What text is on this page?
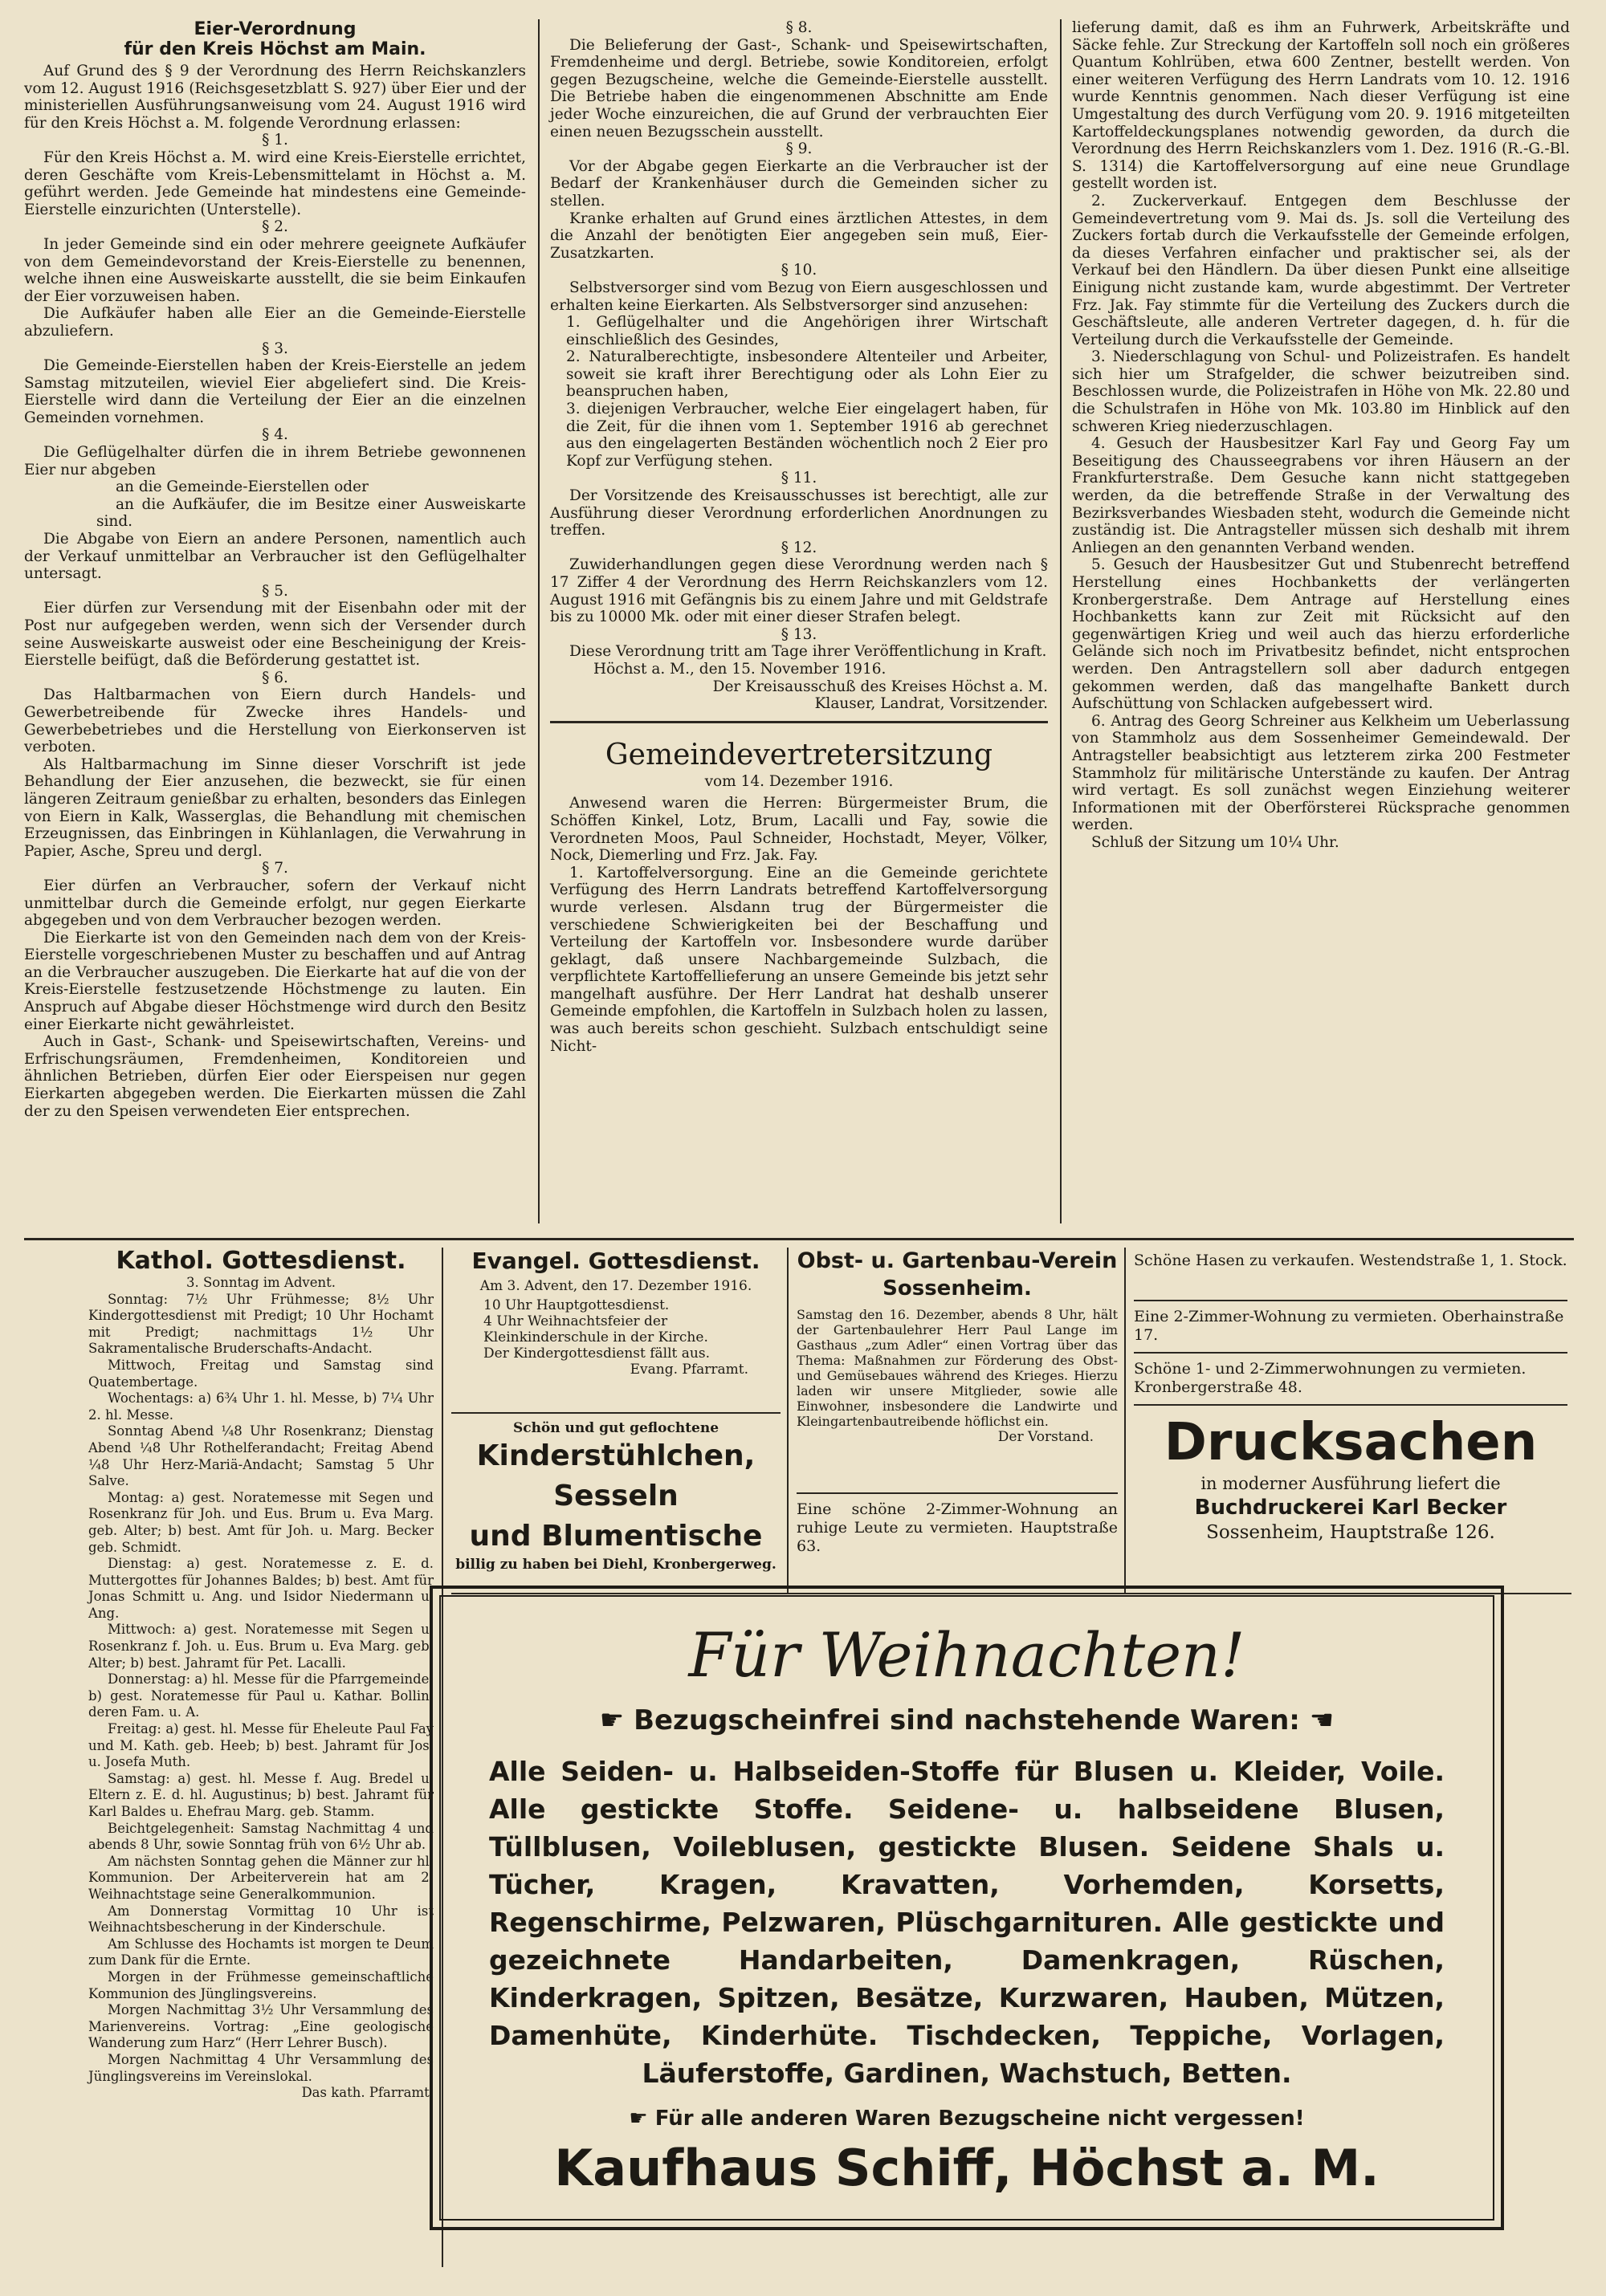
Eier-Verordnung
für den Kreis Höchst am Main.

Auf Grund des § 9 der Verordnung des Herrn Reichskanzlers vom 12. August 1916 (Reichsgesetzblatt S. 927) über Eier und der ministeriellen Ausführungsanweisung vom 24. August 1916 wird für den Kreis Höchst a. M. folgende Verordnung erlassen:

§ 1.

Für den Kreis Höchst a. M. wird eine Kreis-Eierstelle errichtet, deren Geschäfte vom Kreis-Lebensmittelamt in Höchst a. M. geführt werden. Jede Gemeinde hat mindestens eine Gemeinde-Eierstelle einzurichten (Unterstelle).

§ 2.

In jeder Gemeinde sind ein oder mehrere geeignete Aufkäufer von dem Gemeindevorstand der Kreis-Eierstelle zu benennen, welche ihnen eine Ausweiskarte ausstellt, die sie beim Einkaufen der Eier vorzuweisen haben.

Die Aufkäufer haben alle Eier an die Gemeinde-Eierstelle abzuliefern.

§ 3.

Die Gemeinde-Eierstellen haben der Kreis-Eierstelle an jedem Samstag mitzuteilen, wieviel Eier abgeliefert sind. Die Kreis-Eierstelle wird dann die Verteilung der Eier an die einzelnen Gemeinden vornehmen.

§ 4.

Die Geflügelhalter dürfen die in ihrem Betriebe gewonnenen Eier nur abgeben

an die Gemeinde-Eierstellen oder

an die Aufkäufer, die im Besitze einer Ausweiskarte sind.

Die Abgabe von Eiern an andere Personen, namentlich auch der Verkauf unmittelbar an Verbraucher ist den Geflügelhalter untersagt.

§ 5.

Eier dürfen zur Versendung mit der Eisenbahn oder mit der Post nur aufgegeben werden, wenn sich der Versender durch seine Ausweiskarte ausweist oder eine Bescheinigung der Kreis-Eierstelle beifügt, daß die Beförderung gestattet ist.

§ 6.

Das Haltbarmachen von Eiern durch Handels- und Gewerbetreibende für Zwecke ihres Handels- und Gewerbebetriebes und die Herstellung von Eierkonserven ist verboten.

Als Haltbarmachung im Sinne dieser Vorschrift ist jede Behandlung der Eier anzusehen, die bezweckt, sie für einen längeren Zeitraum genießbar zu erhalten, besonders das Einlegen von Eiern in Kalk, Wasserglas, die Behandlung mit chemischen Erzeugnissen, das Einbringen in Kühlanlagen, die Verwahrung in Papier, Asche, Spreu und dergl.

§ 7.

Eier dürfen an Verbraucher, sofern der Verkauf nicht unmittelbar durch die Gemeinde erfolgt, nur gegen Eierkarte abgegeben und von dem Verbraucher bezogen werden.

Die Eierkarte ist von den Gemeinden nach dem von der Kreis-Eierstelle vorgeschriebenen Muster zu beschaffen und auf Antrag an die Verbraucher auszugeben. Die Eierkarte hat auf die von der Kreis-Eierstelle festzusetzende Höchstmenge zu lauten. Ein Anspruch auf Abgabe dieser Höchstmenge wird durch den Besitz einer Eierkarte nicht gewährleistet.

Auch in Gast-, Schank- und Speisewirtschaften, Vereins- und Erfrischungsräumen, Fremdenheimen, Konditoreien und ähnlichen Betrieben, dürfen Eier oder Eierspeisen nur gegen Eierkarten abgegeben werden. Die Eierkarten müssen die Zahl der zu den Speisen verwendeten Eier entsprechen.

§ 8.

Die Belieferung der Gast-, Schank- und Speisewirtschaften, Fremdenheime und dergl. Betriebe, sowie Konditoreien, erfolgt gegen Bezugscheine, welche die Gemeinde-Eierstelle ausstellt. Die Betriebe haben die eingenommenen Abschnitte am Ende jeder Woche einzureichen, die auf Grund der verbrauchten Eier einen neuen Bezugsschein ausstellt.

§ 9.

Vor der Abgabe gegen Eierkarte an die Verbraucher ist der Bedarf der Krankenhäuser durch die Gemeinden sicher zu stellen.

Kranke erhalten auf Grund eines ärztlichen Attestes, in dem die Anzahl der benötigten Eier angegeben sein muß, Eier-Zusatzkarten.

§ 10.

Selbstversorger sind vom Bezug von Eiern ausgeschlossen und erhalten keine Eierkarten. Als Selbstversorger sind anzusehen:

1. Geflügelhalter und die Angehörigen ihrer Wirtschaft einschließlich des Gesindes,

2. Naturalberechtigte, insbesondere Altenteiler und Arbeiter, soweit sie kraft ihrer Berechtigung oder als Lohn Eier zu beanspruchen haben,

3. diejenigen Verbraucher, welche Eier eingelagert haben, für die Zeit, für die ihnen vom 1. September 1916 ab gerechnet aus den eingelagerten Beständen wöchentlich noch 2 Eier pro Kopf zur Verfügung stehen.

§ 11.

Der Vorsitzende des Kreisausschusses ist berechtigt, alle zur Ausführung dieser Verordnung erforderlichen Anordnungen zu treffen.

§ 12.

Zuwiderhandlungen gegen diese Verordnung werden nach § 17 Ziffer 4 der Verordnung des Herrn Reichskanzlers vom 12. August 1916 mit Gefängnis bis zu einem Jahre und mit Geldstrafe bis zu 10000 Mk. oder mit einer dieser Strafen belegt.

§ 13.

Diese Verordnung tritt am Tage ihrer Veröffentlichung in Kraft.

Höchst a. M., den 15. November 1916.

Der Kreisausschuß des Kreises Höchst a. M.

Klauser, Landrat, Vorsitzender.

Gemeindevertretersitzung

vom 14. Dezember 1916.

Anwesend waren die Herren: Bürgermeister Brum, die Schöffen Kinkel, Lotz, Brum, Lacalli und Fay, sowie die Verordneten Moos, Paul Schneider, Hochstadt, Meyer, Völker, Nock, Diemerling und Frz. Jak. Fay.

1. Kartoffelversorgung. Eine an die Gemeinde gerichtete Verfügung des Herrn Landrats betreffend Kartoffelversorgung wurde verlesen. Alsdann trug der Bürgermeister die verschiedene Schwierigkeiten bei der Beschaffung und Verteilung der Kartoffeln vor. Insbesondere wurde darüber geklagt, daß unsere Nachbargemeinde Sulzbach, die verpflichtete Kartoffellieferung an unsere Gemeinde bis jetzt sehr mangelhaft ausführe. Der Herr Landrat hat deshalb unserer Gemeinde empfohlen, die Kartoffeln in Sulzbach holen zu lassen, was auch bereits schon geschieht. Sulzbach entschuldigt seine Nicht-

lieferung damit, daß es ihm an Fuhrwerk, Arbeitskräfte und Säcke fehle. Zur Streckung der Kartoffeln soll noch ein größeres Quantum Kohlrüben, etwa 600 Zentner, bestellt werden. Von einer weiteren Verfügung des Herrn Landrats vom 10. 12. 1916 wurde Kenntnis genommen. Nach dieser Verfügung ist eine Umgestaltung des durch Verfügung vom 20. 9. 1916 mitgeteilten Kartoffeldeckungsplanes notwendig geworden, da durch die Verordnung des Herrn Reichskanzlers vom 1. Dez. 1916 (R.-G.-Bl. S. 1314) die Kartoffelversorgung auf eine neue Grundlage gestellt worden ist.

2. Zuckerverkauf. Entgegen dem Beschlusse der Gemeindevertretung vom 9. Mai ds. Js. soll die Verteilung des Zuckers fortab durch die Verkaufsstelle der Gemeinde erfolgen, da dieses Verfahren einfacher und praktischer sei, als der Verkauf bei den Händlern. Da über diesen Punkt eine allseitige Einigung nicht zustande kam, wurde abgestimmt. Der Vertreter Frz. Jak. Fay stimmte für die Verteilung des Zuckers durch die Geschäftsleute, alle anderen Vertreter dagegen, d. h. für die Verteilung durch die Verkaufsstelle der Gemeinde.

3. Niederschlagung von Schul- und Polizeistrafen. Es handelt sich hier um Strafgelder, die schwer beizutreiben sind. Beschlossen wurde, die Polizeistrafen in Höhe von Mk. 22.80 und die Schulstrafen in Höhe von Mk. 103.80 im Hinblick auf den schweren Krieg niederzuschlagen.

4. Gesuch der Hausbesitzer Karl Fay und Georg Fay um Beseitigung des Chausseegrabens vor ihren Häusern an der Frankfurterstraße. Dem Gesuche kann nicht stattgegeben werden, da die betreffende Straße in der Verwaltung des Bezirksverbandes Wiesbaden steht, wodurch die Gemeinde nicht zuständig ist. Die Antragsteller müssen sich deshalb mit ihrem Anliegen an den genannten Verband wenden.

5. Gesuch der Hausbesitzer Gut und Stubenrecht betreffend Herstellung eines Hochbanketts der verlängerten Kronbergerstraße. Dem Antrage auf Herstellung eines Hochbanketts kann zur Zeit mit Rücksicht auf den gegenwärtigen Krieg und weil auch das hierzu erforderliche Gelände sich noch im Privatbesitz befindet, nicht entsprochen werden. Den Antragstellern soll aber dadurch entgegen gekommen werden, daß das mangelhafte Bankett durch Aufschüttung von Schlacken aufgebessert wird.

6. Antrag des Georg Schreiner aus Kelkheim um Ueberlassung von Stammholz aus dem Sossenheimer Gemeindewald. Der Antragsteller beabsichtigt aus letzterem zirka 200 Festmeter Stammholz für militärische Unterstände zu kaufen. Der Antrag wird vertagt. Es soll zunächst wegen Einziehung weiterer Informationen mit der Oberförsterei Rücksprache genommen werden.

Schluß der Sitzung um 10¼ Uhr.

Kathol. Gottesdienst.

3. Sonntag im Advent.

Sonntag: 7½ Uhr Frühmesse; 8½ Uhr Kindergottesdienst mit Predigt; 10 Uhr Hochamt mit Predigt; nachmittags 1½ Uhr Sakramentalische Bruderschafts-Andacht.

Mittwoch, Freitag und Samstag sind Quatembertage.

Wochentags: a) 6¾ Uhr 1. hl. Messe, b) 7¼ Uhr 2. hl. Messe.

Sonntag Abend ¼8 Uhr Rosenkranz; Dienstag Abend ¼8 Uhr Rothelferandacht; Freitag Abend ¼8 Uhr Herz-Mariä-Andacht; Samstag 5 Uhr Salve.

Montag: a) gest. Noratemesse mit Segen und Rosenkranz für Joh. und Eus. Brum u. Eva Marg. geb. Alter; b) best. Amt für Joh. u. Marg. Becker geb. Schmidt.

Dienstag: a) gest. Noratemesse z. E. d. Muttergottes für Johannes Baldes; b) best. Amt für Jonas Schmitt u. Ang. und Isidor Niedermann u. Ang.

Mittwoch: a) gest. Noratemesse mit Segen u. Rosenkranz f. Joh. u. Eus. Brum u. Eva Marg. geb. Alter; b) best. Jahramt für Pet. Lacalli.

Donnerstag: a) hl. Messe für die Pfarrgemeinde; b) gest. Noratemesse für Paul u. Kathar. Bollin, deren Fam. u. A.

Freitag: a) gest. hl. Messe für Eheleute Paul Fay und M. Kath. geb. Heeb; b) best. Jahramt für Jos. u. Josefa Muth.

Samstag: a) gest. hl. Messe f. Aug. Bredel u. Eltern z. E. d. hl. Augustinus; b) best. Jahramt für Karl Baldes u. Ehefrau Marg. geb. Stamm.

Beichtgelegenheit: Samstag Nachmittag 4 und abends 8 Uhr, sowie Sonntag früh von 6½ Uhr ab.

Am nächsten Sonntag gehen die Männer zur hl. Kommunion. Der Arbeiterverein hat am 2. Weihnachtstage seine Generalkommunion.

Am Donnerstag Vormittag 10 Uhr ist Weihnachtsbescherung in der Kinderschule.

Am Schlusse des Hochamts ist morgen te Deum zum Dank für die Ernte.

Morgen in der Frühmesse gemeinschaftliche Kommunion des Jünglingsvereins.

Morgen Nachmittag 3½ Uhr Versammlung des Marienvereins. Vortrag: „Eine geologische Wanderung zum Harz“ (Herr Lehrer Busch).

Morgen Nachmittag 4 Uhr Versammlung des Jünglingsvereins im Vereinslokal.

Das kath. Pfarramt.

Evangel. Gottesdienst.
Am 3. Advent, den 17. Dezember 1916.
10 Uhr Hauptgottesdienst.
4 Uhr Weihnachtsfeier der Kleinkinderschule in der Kirche.
Der Kindergottesdienst fällt aus.
Evang. Pfarramt.
Schön und gut geflochtene
Kinderstühlchen, Sesseln
und Blumentische
billig zu haben bei Diehl, Kronbergerweg.
Obst- u. Gartenbau-Verein
Sossenheim.
Samstag den 16. Dezember, abends 8 Uhr, hält der Gartenbaulehrer Herr Paul Lange im Gasthaus „zum Adler“ einen Vortrag über das Thema: Maßnahmen zur Förderung des Obst- und Gemüsebaues während des Krieges. Hierzu laden wir unsere Mitglieder, sowie alle Einwohner, insbesondere die Landwirte und Kleingartenbautreibende höflichst ein.
Der Vorstand.
Eine schöne 2-Zimmer-Wohnung an ruhige Leute zu vermieten. Hauptstraße 63.
Schöne Hasen zu verkaufen. Westendstraße 1, 1. Stock.
Eine 2-Zimmer-Wohnung zu vermieten. Oberhainstraße 17.
Schöne 1- und 2-Zimmerwohnungen zu vermieten. Kronbergerstraße 48.
Drucksachen
in moderner Ausführung liefert die
Buchdruckerei Karl Becker
Sossenheim, Hauptstraße 126.
Für Weihnachten!
☛ Bezugscheinfrei sind nachstehende Waren: ☚
Alle Seiden- u. Halbseiden-Stoffe für Blusen u. Kleider, Voile. Alle gestickte Stoffe. Seidene- u. halbseidene Blusen, Tüllblusen, Voileblusen, gestickte Blusen. Seidene Shals u. Tücher, Kragen, Kravatten, Vorhemden, Korsetts, Regenschirme, Pelzwaren, Plüschgarnituren. Alle gestickte und gezeichnete Handarbeiten, Damenkragen, Rüschen, Kinderkragen, Spitzen, Besätze, Kurzwaren, Hauben, Mützen, Damenhüte, Kinderhüte. Tischdecken, Teppiche, Vorlagen, Läuferstoffe, Gardinen, Wachstuch, Betten.
☛ Für alle anderen Waren Bezugscheine nicht vergessen!
Kaufhaus Schiff, Höchst a. M.
